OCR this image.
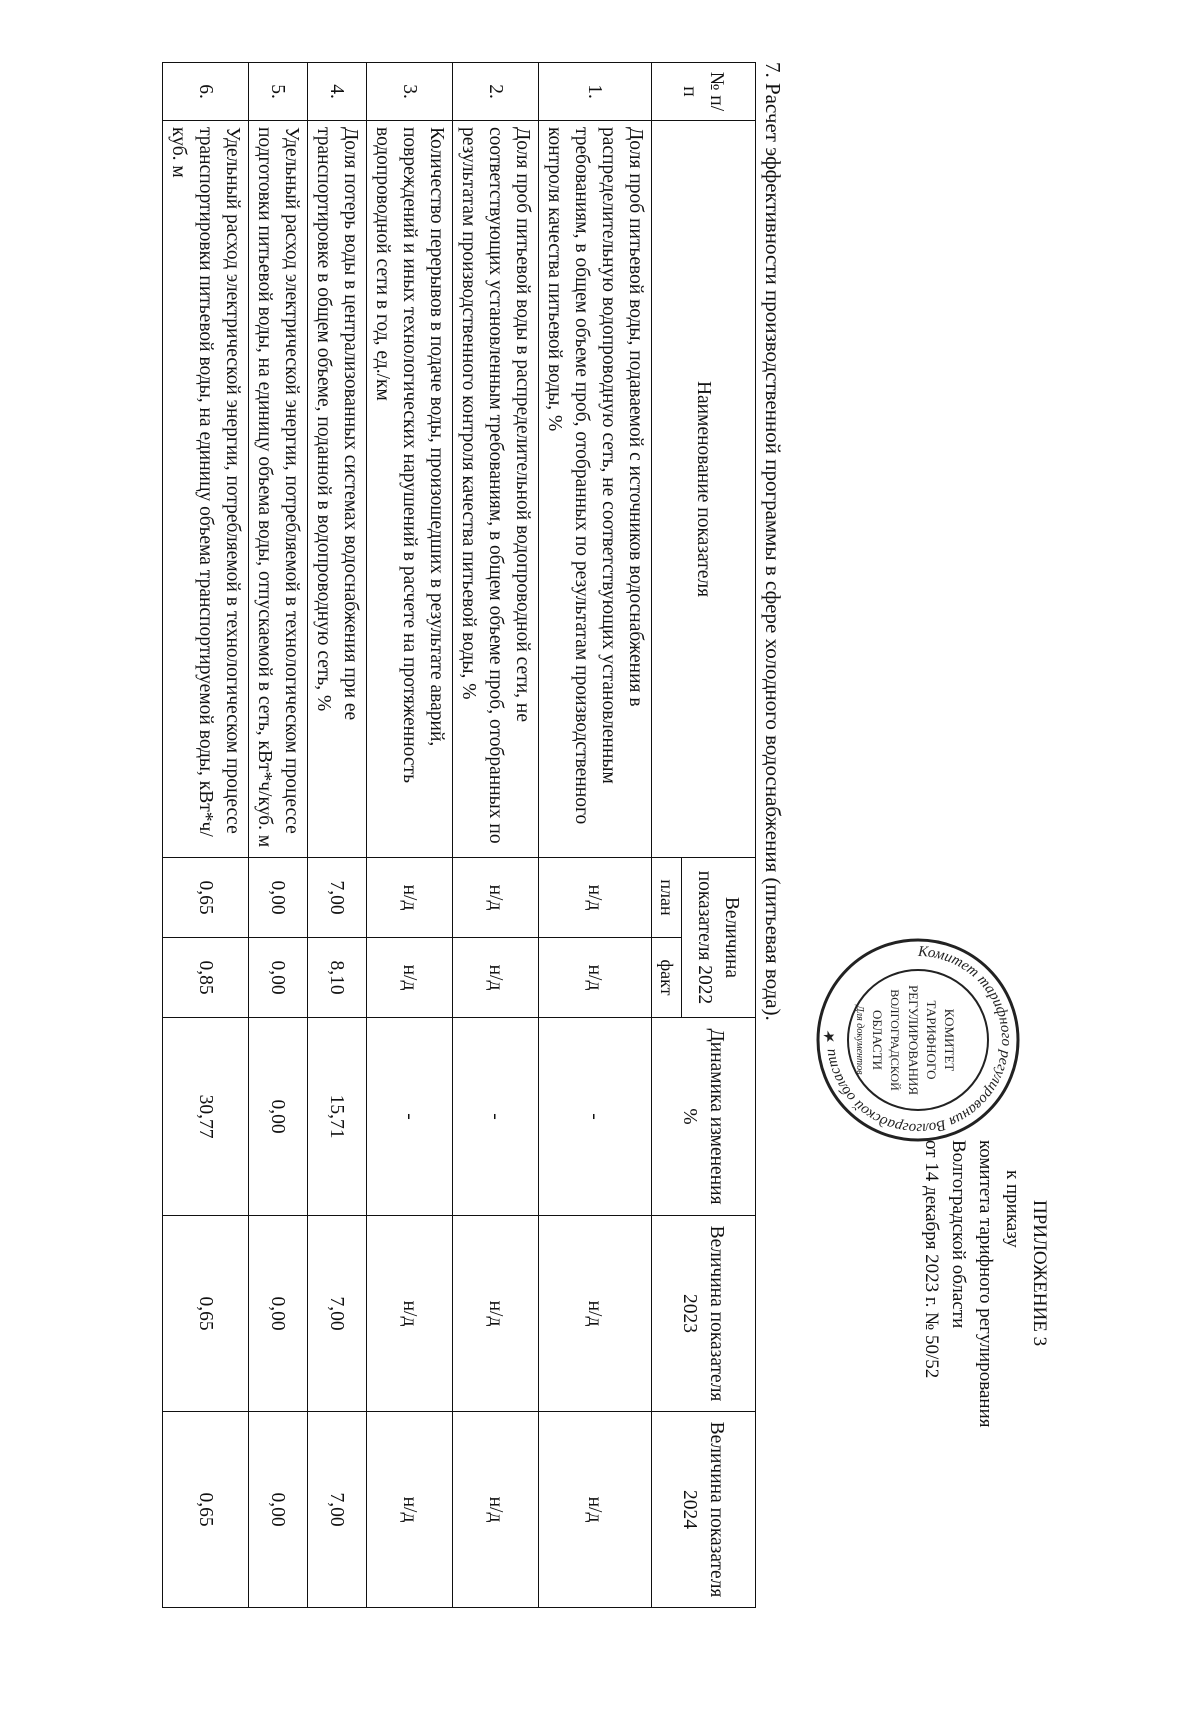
ПРИЛОЖЕНИЕ 3
к приказу
комитета тарифного регулирования
Волгоградской области
от 14 декабря 2023 г. № 50/52
Комитет тарифного регулирования Волгоградской области ★	КОМИТЕТ
ТАРИФНОГО
РЕГУЛИРОВАНИЯ
ВОЛГОГРАДСКОЙ
ОБЛАСТИ
Для документов
7. Расчет эффективности производственной программы в сфере холодного водоснабжения (питьевая вода).
№ п/п	Наименование показателя	Величина показателя 2022		Динамика изменения %	Величина показателя 2023	Величина показателя 2024
		план	факт			
1.	Доля проб питьевой воды, подаваемой с источников водоснабжения в распределительную водопроводную сеть, не соответствующих установленным требованиям, в общем объеме проб, отобранных по результатам производственного контроля качества питьевой воды, %	н/д	н/д	-	н/д	н/д
2.	Доля проб питьевой воды в распределительной водопроводной сети, не соответствующих установленным требованиям, в общем объеме проб, отобранных по результатам производственного контроля качества питьевой воды, %	н/д	н/д	-	н/д	н/д
3.	Количество перерывов в подаче воды, произошедших в результате аварий, повреждений и иных технологических нарушений в расчете на протяженность водопроводной сети в год, ед./км	н/д	н/д	-	н/д	н/д
4.	Доля потерь воды в централизованных системах водоснабжения при ее транспортировке в общем объеме, поданной в водопроводную сеть, %	7,00	8,10	15,71	7,00	7,00
5.	Удельный расход электрической энергии, потребляемой в технологическом процессе подготовки питьевой воды, на единицу объема воды, отпускаемой в сеть, кВт*ч/куб. м	0,00	0,00	0,00	0,00	0,00
6.	Удельный расход электрической энергии, потребляемой в технологическом процессе транспортировки питьевой воды, на единицу объема транспортируемой воды, кВт*ч/куб. м	0,65	0,85	30,77	0,65	0,65
